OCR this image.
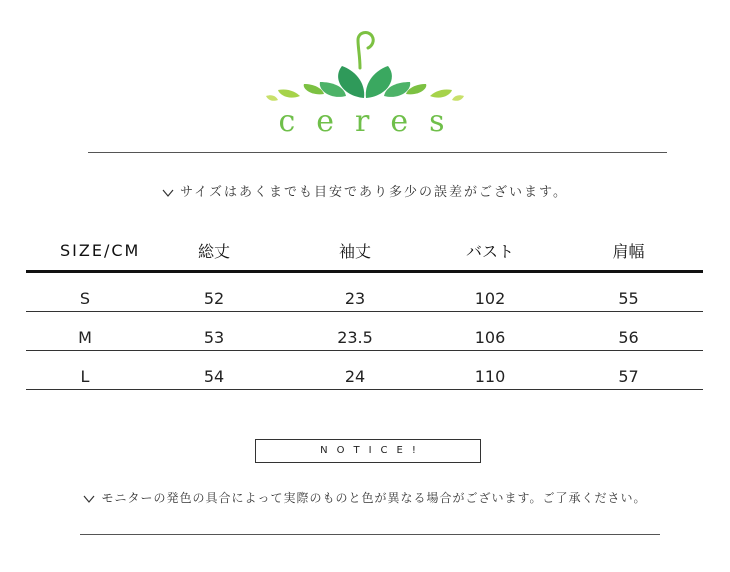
ceres
サイズはあくまでも目安であり多少の誤差がございます。
SIZE/CM	総丈	袖丈	バスト	肩幅
S	52	23	102	55
M	53	23.5	106	56
L	54	24	110	57
NOTICE!
モニターの発色の具合によって実際のものと色が異なる場合がございます。ご了承ください。
